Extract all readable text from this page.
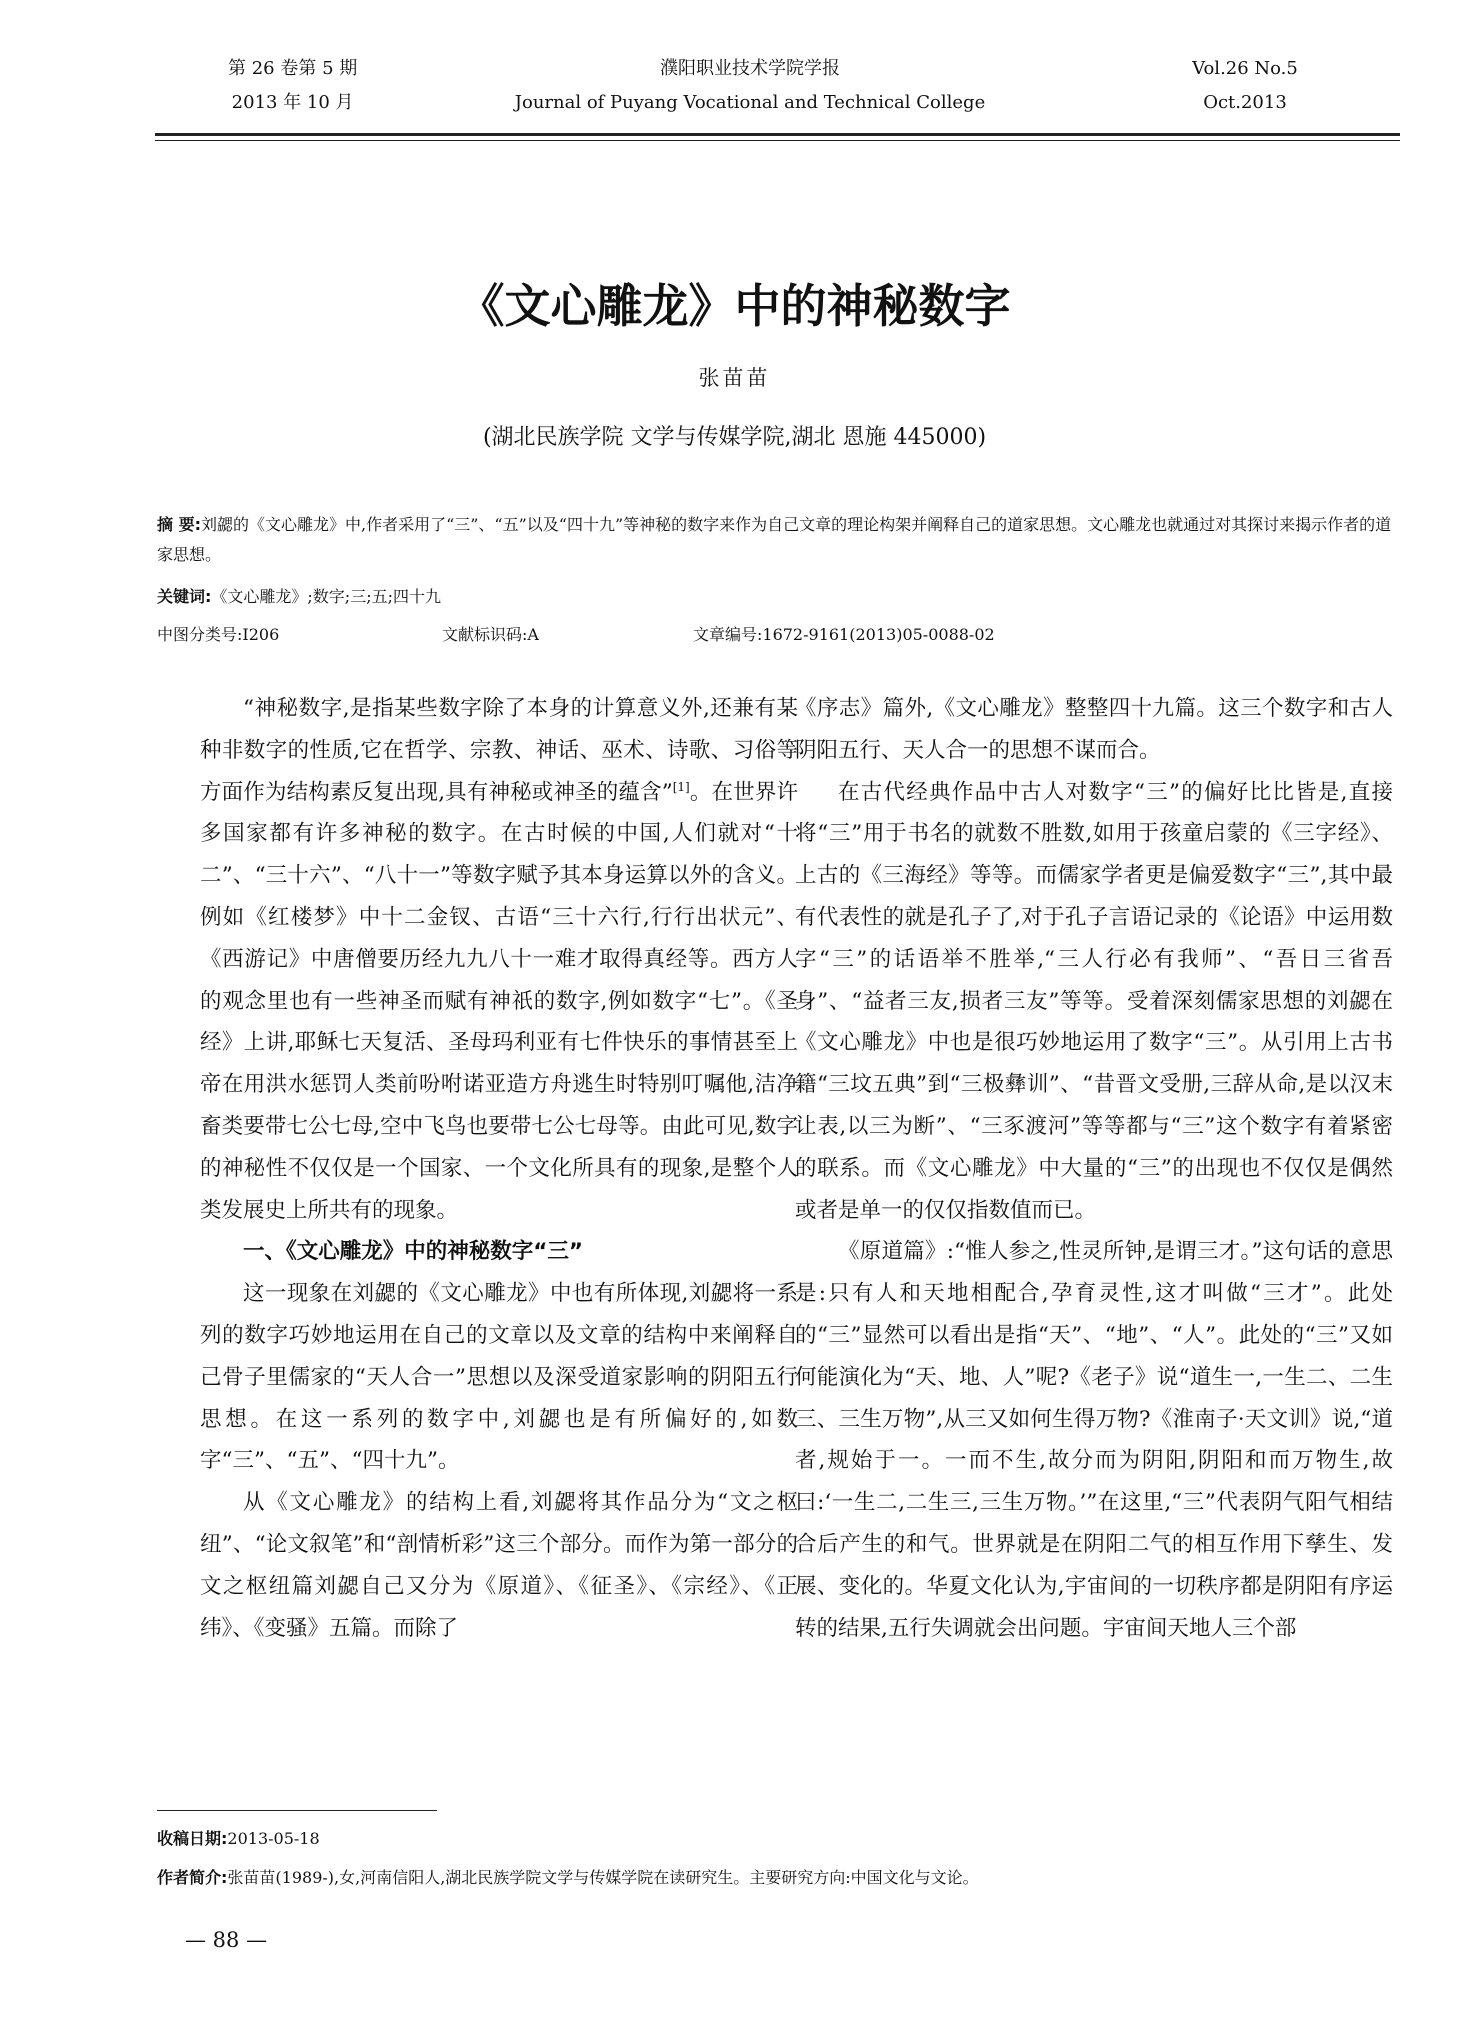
第 26 卷第 5 期
2013 年 10 月
濮阳职业技术学院学报
Journal of Puyang Vocational and Technical College
Vol.26 No.5
Oct.2013
《文心雕龙》中的神秘数字
张苗苗
(湖北民族学院 文学与传媒学院,湖北 恩施 445000)
摘 要:刘勰的《文心雕龙》中,作者采用了“三”、“五”以及“四十九”等神秘的数字来作为自己文章的理论构架并阐释自己的道家思想。文心雕龙也就通过对其探讨来揭示作者的道家思想。
关键词:《文心雕龙》;数字;三;五;四十九
中图分类号:I206	文献标识码:A	文章编号:1672-9161(2013)05-0088-02

“神秘数字,是指某些数字除了本身的计算意义外,还兼有某种非数字的性质,它在哲学、宗教、神话、巫术、诗歌、习俗等方面作为结构素反复出现,具有神秘或神圣的蕴含”[1]。在世界许多国家都有许多神秘的数字。在古时候的中国,人们就对“十二”、“三十六”、“八十一”等数字赋予其本身运算以外的含义。例如《红楼梦》中十二金钗、古语“三十六行,行行出状元”、《西游记》中唐僧要历经九九八十一难才取得真经等。西方人的观念里也有一些神圣而赋有神祇的数字,例如数字“七”。《圣经》上讲,耶稣七天复活、圣母玛利亚有七件快乐的事情甚至上帝在用洪水惩罚人类前吩咐诺亚造方舟逃生时特别叮嘱他,洁净畜类要带七公七母,空中飞鸟也要带七公七母等。由此可见,数字的神秘性不仅仅是一个国家、一个文化所具有的现象,是整个人类发展史上所共有的现象。

一、《文心雕龙》中的神秘数字“三”

这一现象在刘勰的《文心雕龙》中也有所体现,刘勰将一系列的数字巧妙地运用在自己的文章以及文章的结构中来阐释自己骨子里儒家的“天人合一”思想以及深受道家影响的阴阳五行思想。在这一系列的数字中,刘勰也是有所偏好的,如数字“三”、“五”、“四十九”。

从《文心雕龙》的结构上看,刘勰将其作品分为“文之枢纽”、“论文叙笔”和“剖情析彩”这三个部分。而作为第一部分的文之枢纽篇刘勰自己又分为《原道》、《征圣》、《宗经》、《正纬》、《变骚》五篇。而除了

《序志》篇外,《文心雕龙》整整四十九篇。这三个数字和古人阴阳五行、天人合一的思想不谋而合。

在古代经典作品中古人对数字“三”的偏好比比皆是,直接将“三”用于书名的就数不胜数,如用于孩童启蒙的《三字经》、上古的《三海经》等等。而儒家学者更是偏爱数字“三”,其中最有代表性的就是孔子了,对于孔子言语记录的《论语》中运用数字“三”的话语举不胜举,“三人行必有我师”、“吾日三省吾身”、“益者三友,损者三友”等等。受着深刻儒家思想的刘勰在《文心雕龙》中也是很巧妙地运用了数字“三”。从引用上古书籍“三坟五典”到“三极彝训”、“昔晋文受册,三辞从命,是以汉末让表,以三为断”、“三豕渡河”等等都与“三”这个数字有着紧密的联系。而《文心雕龙》中大量的“三”的出现也不仅仅是偶然或者是单一的仅仅指数值而已。

《原道篇》:“惟人参之,性灵所钟,是谓三才。”这句话的意思是:只有人和天地相配合,孕育灵性,这才叫做“三才”。此处的“三”显然可以看出是指“天”、“地”、“人”。此处的“三”又如何能演化为“天、地、人”呢?《老子》说“道生一,一生二、二生三、三生万物”,从三又如何生得万物?《淮南子·天文训》说,“道者,规始于一。一而不生,故分而为阴阳,阴阳和而万物生,故曰:‘一生二,二生三,三生万物。’”在这里,“三”代表阴气阳气相结合后产生的和气。世界就是在阴阳二气的相互作用下孳生、发展、变化的。华夏文化认为,宇宙间的一切秩序都是阴阳有序运转的结果,五行失调就会出问题。宇宙间天地人三个部

收稿日期:2013-05-18
作者简介:张苗苗(1989-),女,河南信阳人,湖北民族学院文学与传媒学院在读研究生。主要研究方向:中国文化与文论。
— 88 —
